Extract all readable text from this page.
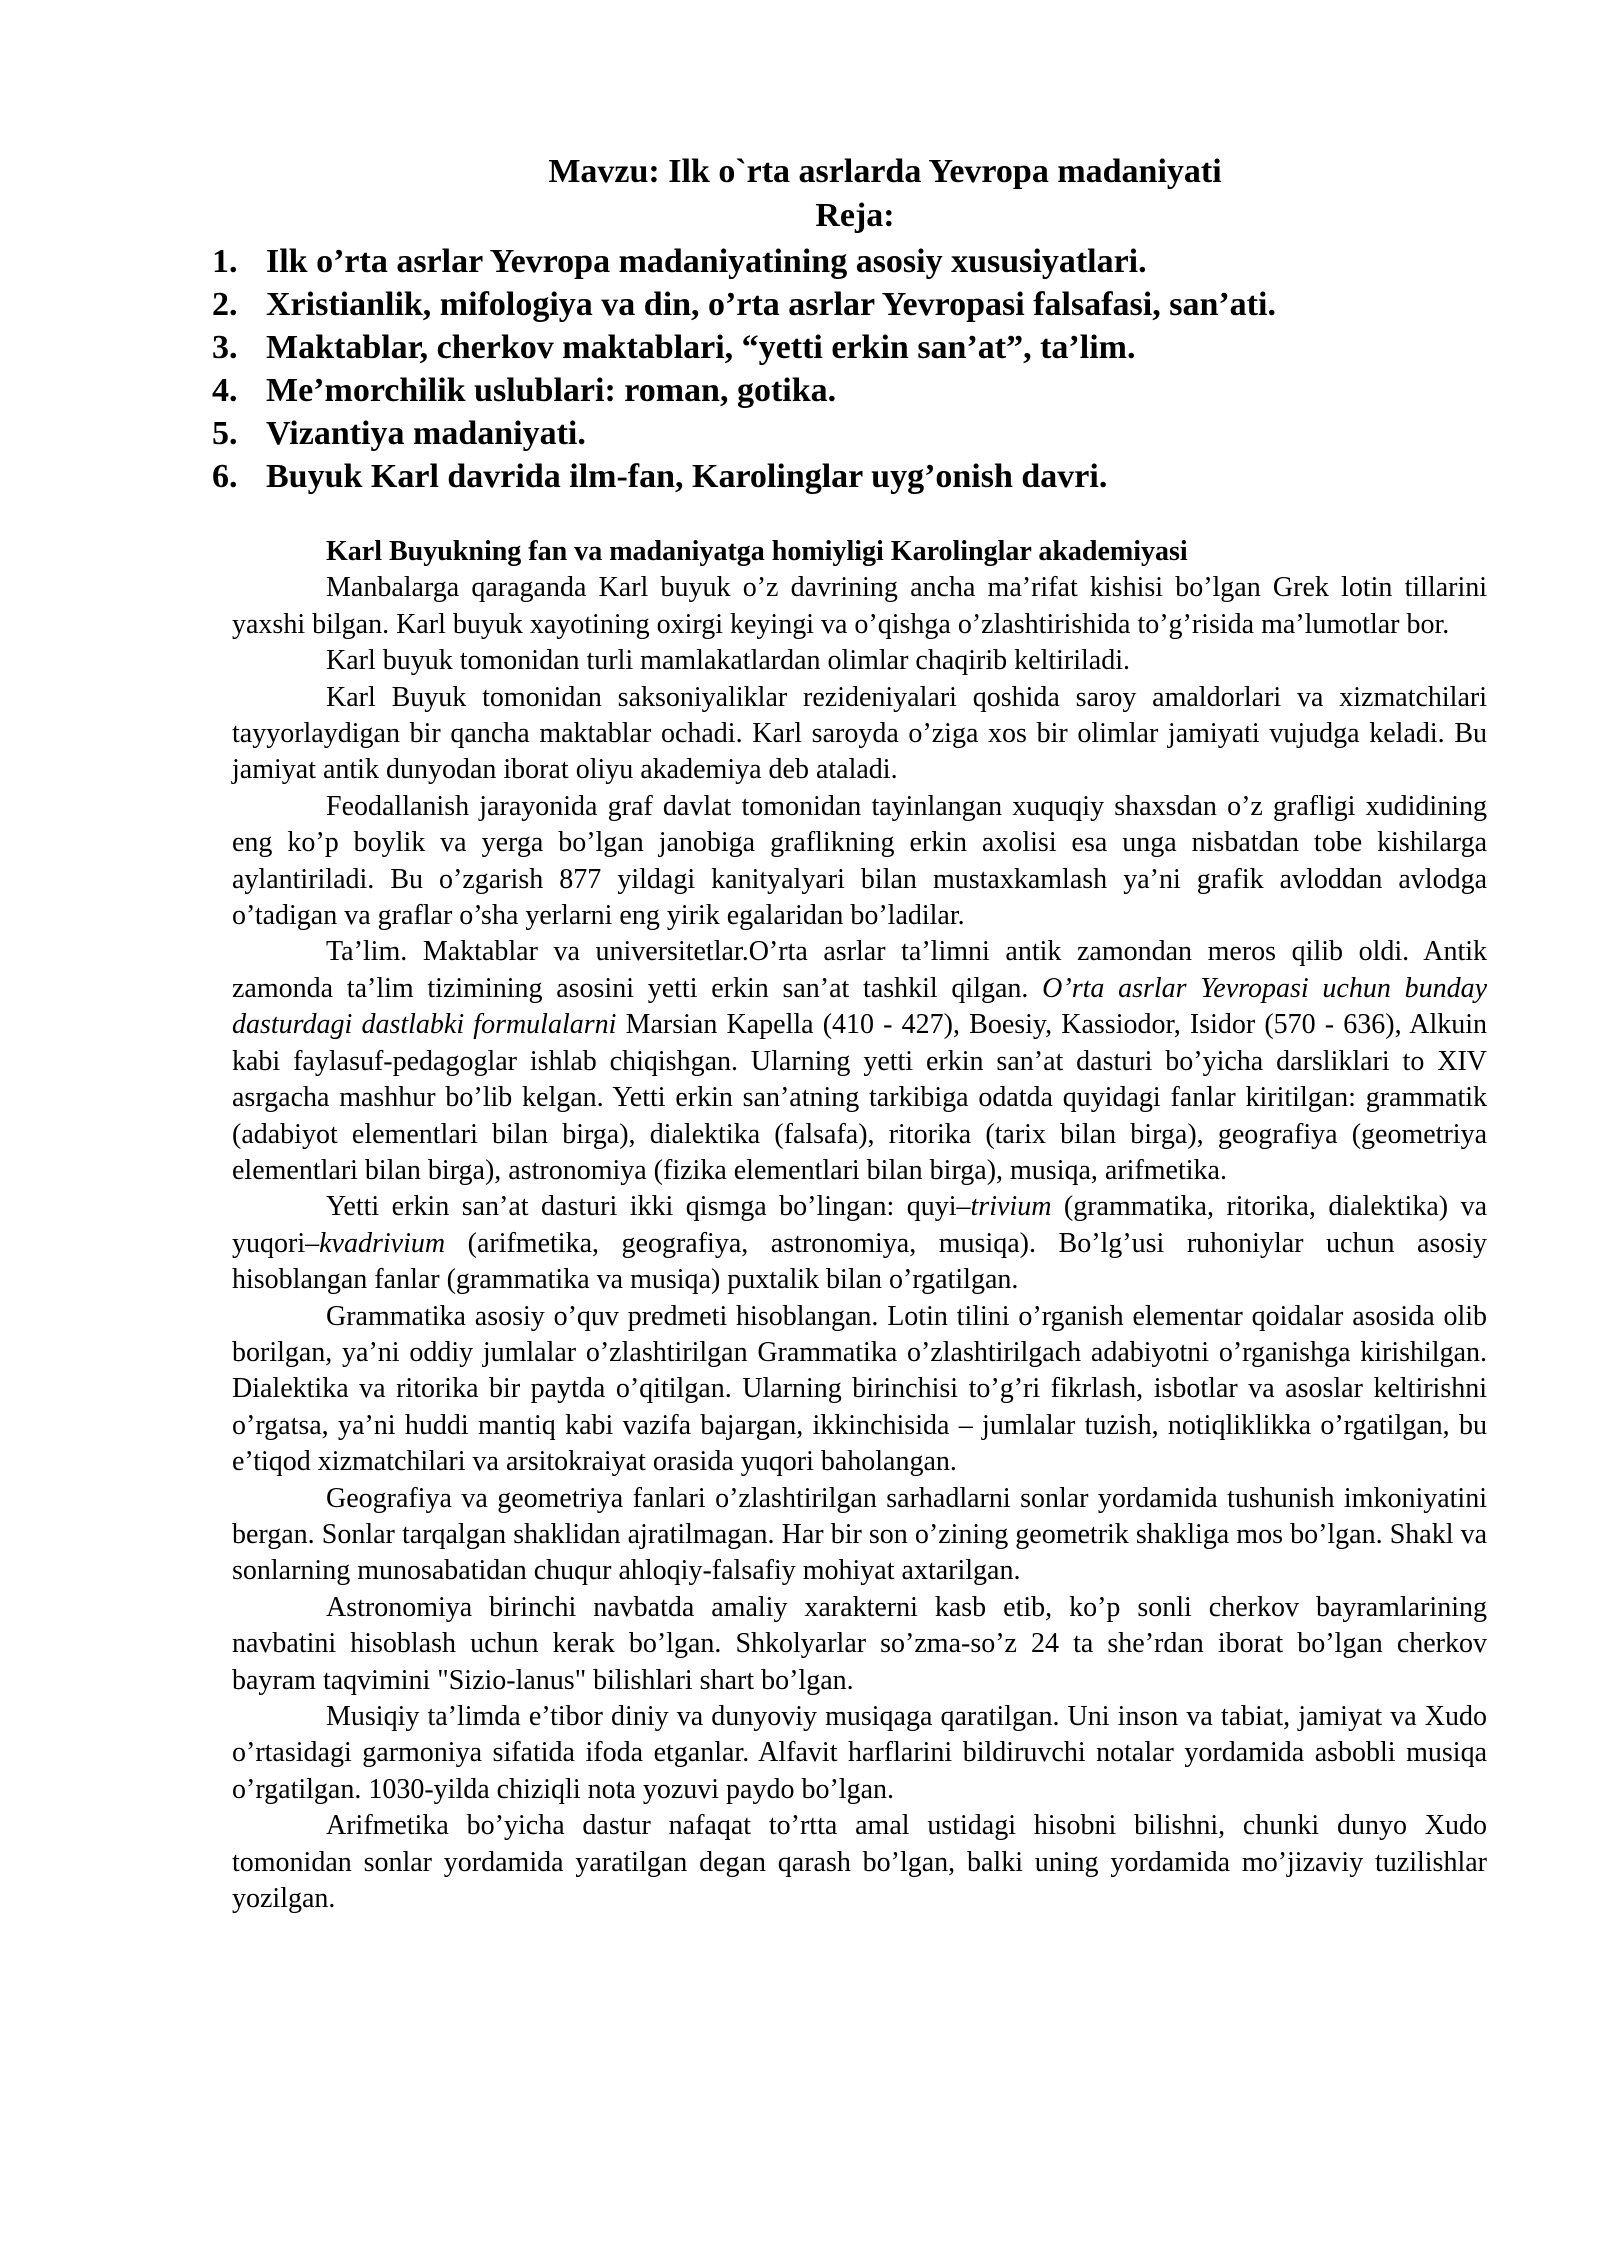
Mavzu: Ilk o`rta asrlarda Yevropa madaniyati
Reja:
1. Ilk o’rta asrlar Yevropa madaniyatining asosiy xususiyatlari.
2. Xristianlik, mifologiya va din, o’rta asrlar Yevropasi falsafasi, san’ati.
3. Maktablar, cherkov maktablari, “yetti erkin san’at”, ta’lim.
4. Me’morchilik uslublari: roman, gotika.
5. Vizantiya madaniyati.
6. Buyuk Karl davrida ilm-fan, Karolinglar uyg’onish davri.
Karl Buyukning fan va madaniyatga homiyligi Karolinglar akademiyasi

Manbalarga qaraganda Karl buyuk o’z davrining ancha ma’rifat kishisi bo’lgan Grek lotin tillarini yaxshi bilgan. Karl buyuk xayotining oxirgi keyingi va o’qishga o’zlashtirishida to’g’risida ma’lumotlar bor.

Karl buyuk tomonidan turli mamlakatlardan olimlar chaqirib keltiriladi.

Karl Buyuk tomonidan saksoniyaliklar rezideniyalari qoshida saroy amaldorlari va xizmatchilari tayyorlaydigan bir qancha maktablar ochadi. Karl saroyda o’ziga xos bir olimlar jamiyati vujudga keladi. Bu jamiyat antik dunyodan iborat oliyu akademiya deb ataladi.

Feodallanish jarayonida graf davlat tomonidan tayinlangan xuquqiy shaxsdan o’z grafligi xudidining eng ko’p boylik va yerga bo’lgan janobiga graflikning erkin axolisi esa unga nisbatdan tobe kishilarga aylantiriladi. Bu o’zgarish 877 yildagi kanityalyari bilan mustaxkamlash ya’ni grafik avloddan avlodga o’tadigan va graflar o’sha yerlarni eng yirik egalaridan bo’ladilar.

Ta’lim. Maktablar va universitetlar.O’rta asrlar ta’limni antik zamondan meros qilib oldi. Antik zamonda ta’lim tizimining asosini yetti erkin san’at tashkil qilgan. O’rta asrlar Yevropasi uchun bunday dasturdagi dastlabki formulalarni Marsian Kapella (410 - 427), Boesiy, Kassiodor, Isidor (570 - 636), Alkuin kabi faylasuf-pedagoglar ishlab chiqishgan. Ularning yetti erkin san’at dasturi bo’yicha darsliklari to XIV asrgacha mashhur bo’lib kelgan. Yetti erkin san’atning tarkibiga odatda quyidagi fanlar kiritilgan: grammatik (adabiyot elementlari bilan birga), dialektika (falsafa), ritorika (tarix bilan birga), geografiya (geometriya elementlari bilan birga), astronomiya (fizika elementlari bilan birga), musiqa, arifmetika.

Yetti erkin san’at dasturi ikki qismga bo’lingan: quyi–trivium (grammatika, ritorika, dialektika) va yuqori–kvadrivium (arifmetika, geografiya, astronomiya, musiqa). Bo’lg’usi ruhoniylar uchun asosiy hisoblangan fanlar (grammatika va musiqa) puxtalik bilan o’rgatilgan.

Grammatika asosiy o’quv predmeti hisoblangan. Lotin tilini o’rganish elementar qoidalar asosida olib borilgan, ya’ni oddiy jumlalar o’zlashtirilgan Grammatika o’zlashtirilgach adabiyotni o’rganishga kirishilgan. Dialektika va ritorika bir paytda o’qitilgan. Ularning birinchisi to’g’ri fikrlash, isbotlar va asoslar keltirishni o’rgatsa, ya’ni huddi mantiq kabi vazifa bajargan, ikkinchisida – jumlalar tuzish, notiqliklikka o’rgatilgan, bu e’tiqod xizmatchilari va arsitokraiyat orasida yuqori baholangan.

Geografiya va geometriya fanlari o’zlashtirilgan sarhadlarni sonlar yordamida tushunish imkoniyatini bergan. Sonlar tarqalgan shaklidan ajratilmagan. Har bir son o’zining geometrik shakliga mos bo’lgan. Shakl va sonlarning munosabatidan chuqur ahloqiy-falsafiy mohiyat axtarilgan.

Astronomiya birinchi navbatda amaliy xarakterni kasb etib, ko’p sonli cherkov bayramlarining navbatini hisoblash uchun kerak bo’lgan. Shkolyarlar so’zma-so’z 24 ta she’rdan iborat bo’lgan cherkov bayram taqvimini "Sizio-lanus" bilishlari shart bo’lgan.

Musiqiy ta’limda e’tibor diniy va dunyoviy musiqaga qaratilgan. Uni inson va tabiat, jamiyat va Xudo o’rtasidagi garmoniya sifatida ifoda etganlar. Alfavit harflarini bildiruvchi notalar yordamida asbobli musiqa o’rgatilgan. 1030-yilda chiziqli nota yozuvi paydo bo’lgan.

Arifmetika bo’yicha dastur nafaqat to’rtta amal ustidagi hisobni bilishni, chunki dunyo Xudo tomonidan sonlar yordamida yaratilgan degan qarash bo’lgan, balki uning yordamida mo’jizaviy tuzilishlar yozilgan.
